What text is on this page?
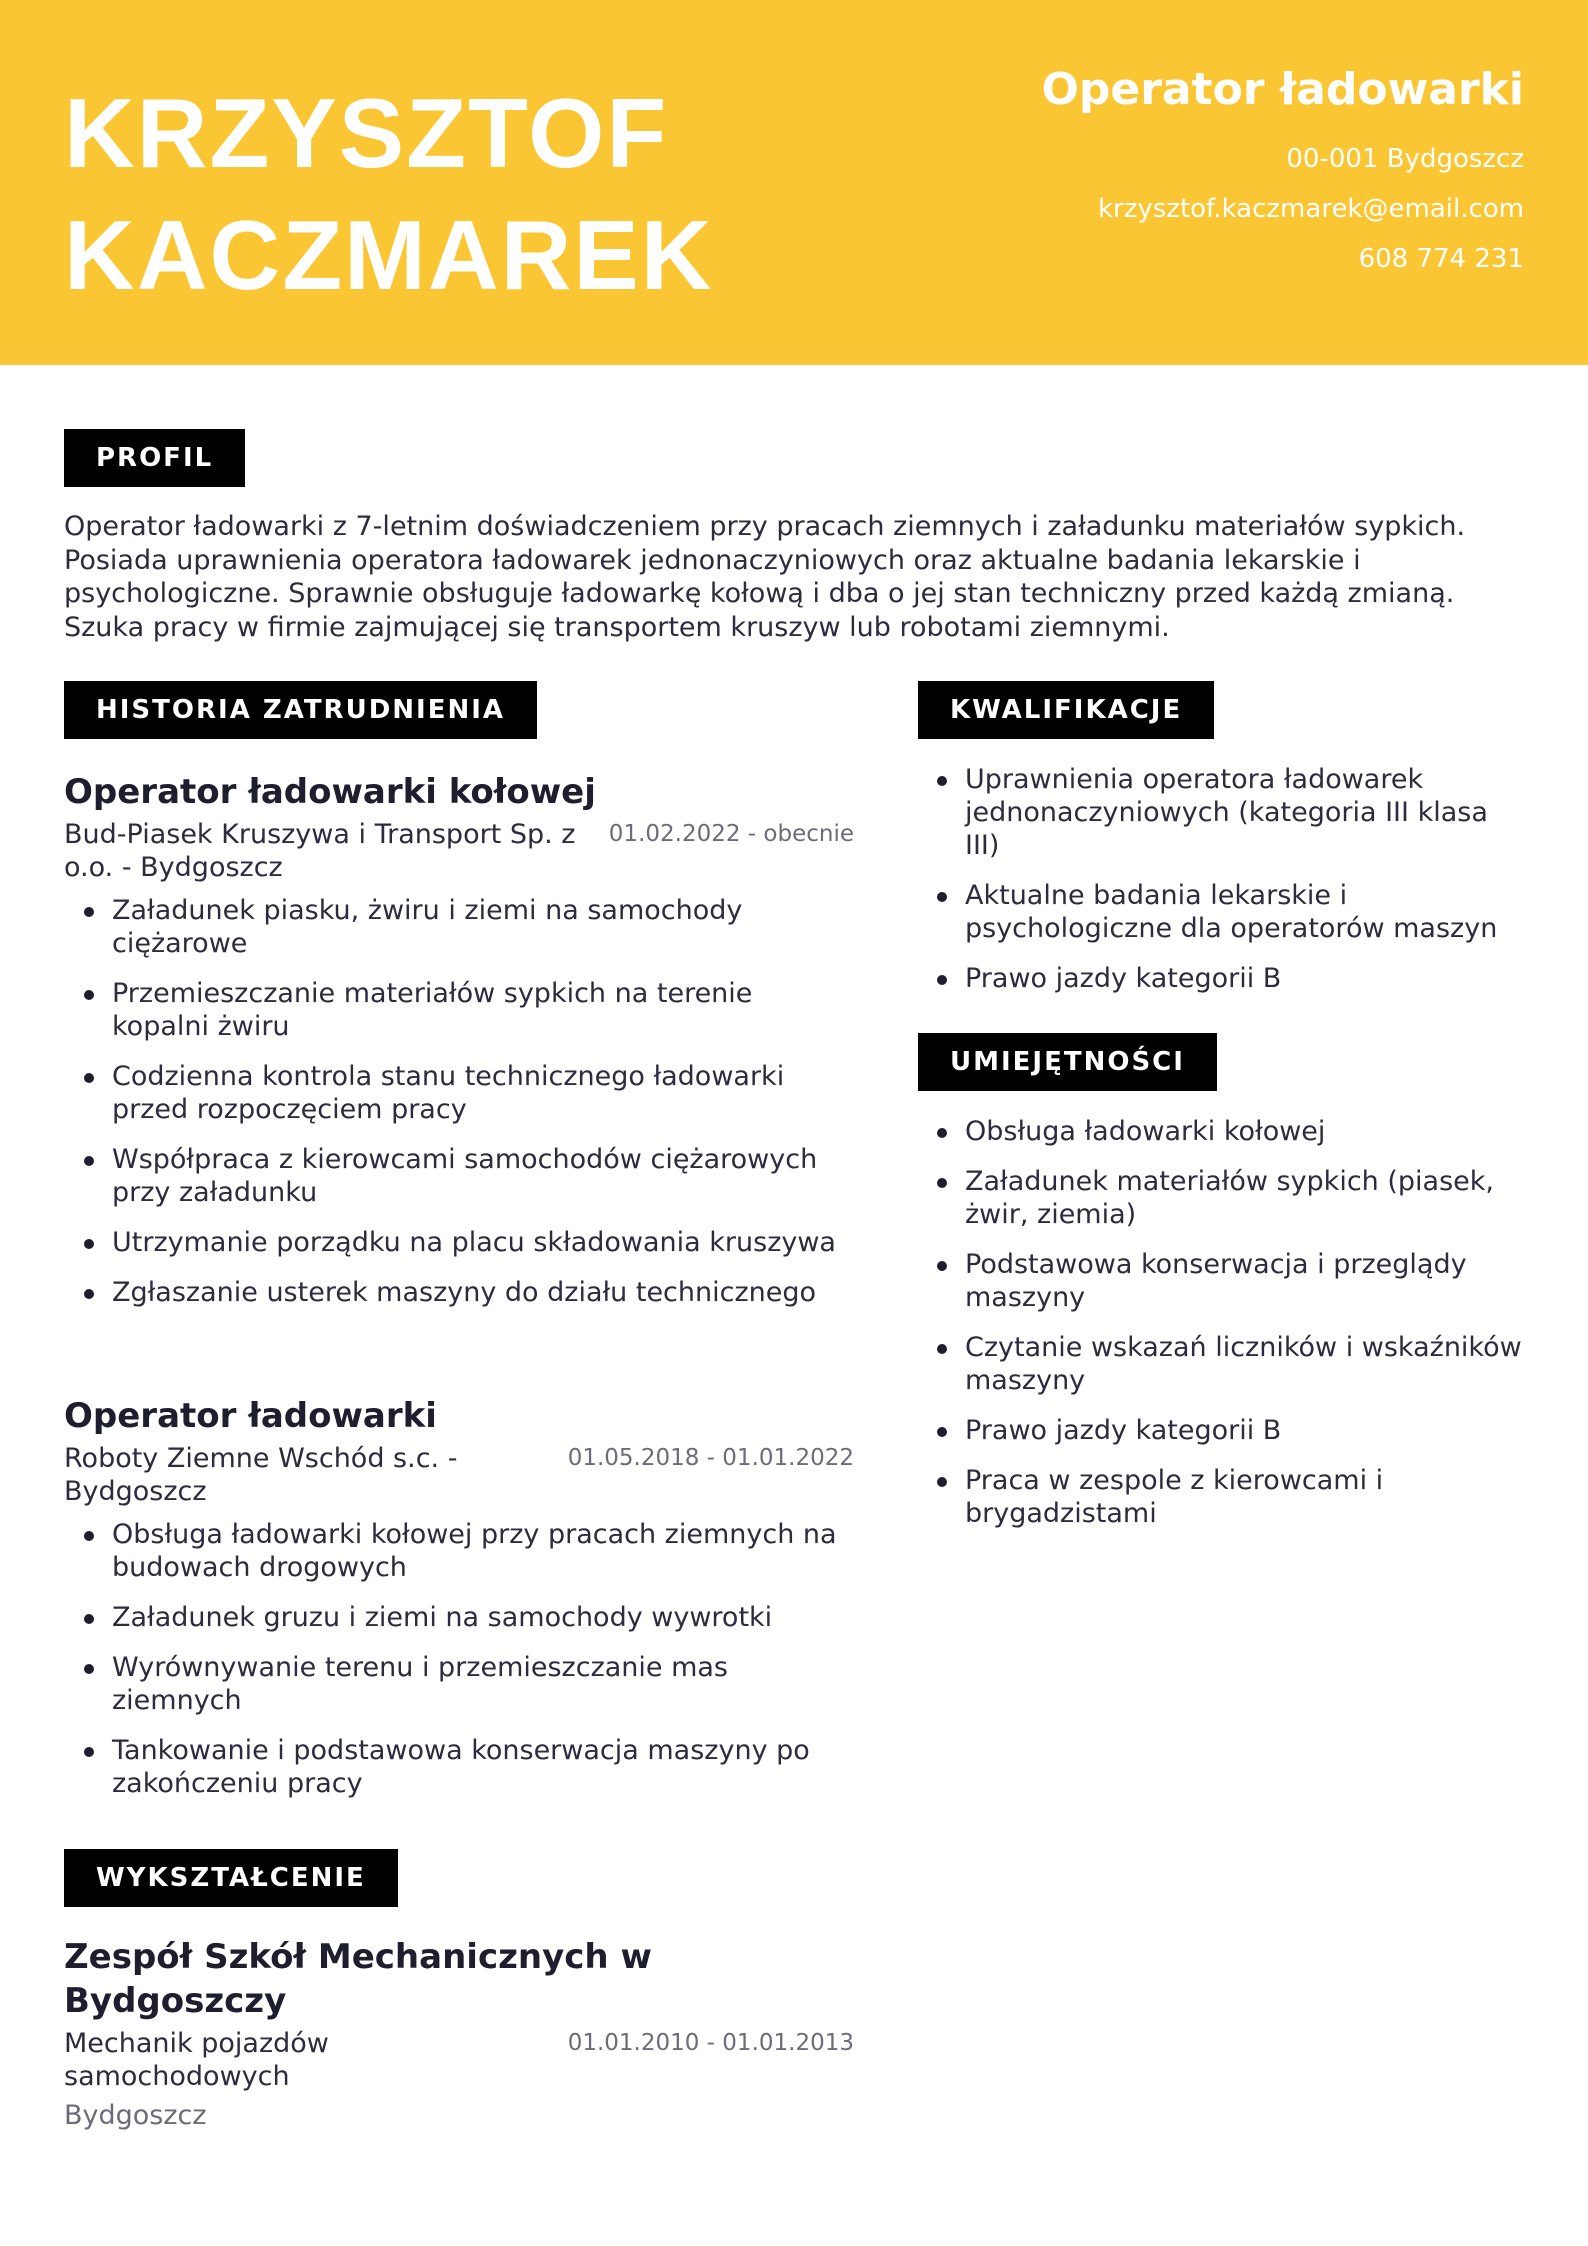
KRZYSZTOF
KACZMAREK
Operator ładowarki
00-001 Bydgoszcz
krzysztof.kaczmarek@email.com
608 774 231
PROFIL

Operator ładowarki z 7-letnim doświadczeniem przy pracach ziemnych i załadunku materiałów sypkich. Posiada uprawnienia operatora ładowarek jednonaczyniowych oraz aktualne badania lekarskie i psychologiczne. Sprawnie obsługuje ładowarkę kołową i dba o jej stan techniczny przed każdą zmianą. Szuka pracy w firmie zajmującej się transportem kruszyw lub robotami ziemnymi.

HISTORIA ZATRUDNIENIA
Operator ładowarki kołowej
Bud-Piasek Kruszywa i Transport Sp. z o.o. - Bydgoszcz
01.02.2022 - obecnie
Załadunek piasku, żwiru i ziemi na samochody ciężarowe
Przemieszczanie materiałów sypkich na terenie kopalni żwiru
Codzienna kontrola stanu technicznego ładowarki przed rozpoczęciem pracy
Współpraca z kierowcami samochodów ciężarowych przy załadunku
Utrzymanie porządku na placu składowania kruszywa
Zgłaszanie usterek maszyny do działu technicznego
Operator ładowarki
Roboty Ziemne Wschód s.c. - Bydgoszcz
01.05.2018 - 01.01.2022
Obsługa ładowarki kołowej przy pracach ziemnych na budowach drogowych
Załadunek gruzu i ziemi na samochody wywrotki
Wyrównywanie terenu i przemieszczanie mas ziemnych
Tankowanie i podstawowa konserwacja maszyny po zakończeniu pracy
WYKSZTAŁCENIE
Zespół Szkół Mechanicznych w Bydgoszczy
Mechanik pojazdów samochodowych
01.01.2010 - 01.01.2013
Bydgoszcz
KWALIFIKACJE
Uprawnienia operatora ładowarek jednonaczyniowych (kategoria III klasa III)
Aktualne badania lekarskie i psychologiczne dla operatorów maszyn
Prawo jazdy kategorii B
UMIEJĘTNOŚCI
Obsługa ładowarki kołowej
Załadunek materiałów sypkich (piasek, żwir, ziemia)
Podstawowa konserwacja i przeglądy maszyny
Czytanie wskazań liczników i wskaźników maszyny
Prawo jazdy kategorii B
Praca w zespole z kierowcami i brygadzistami
